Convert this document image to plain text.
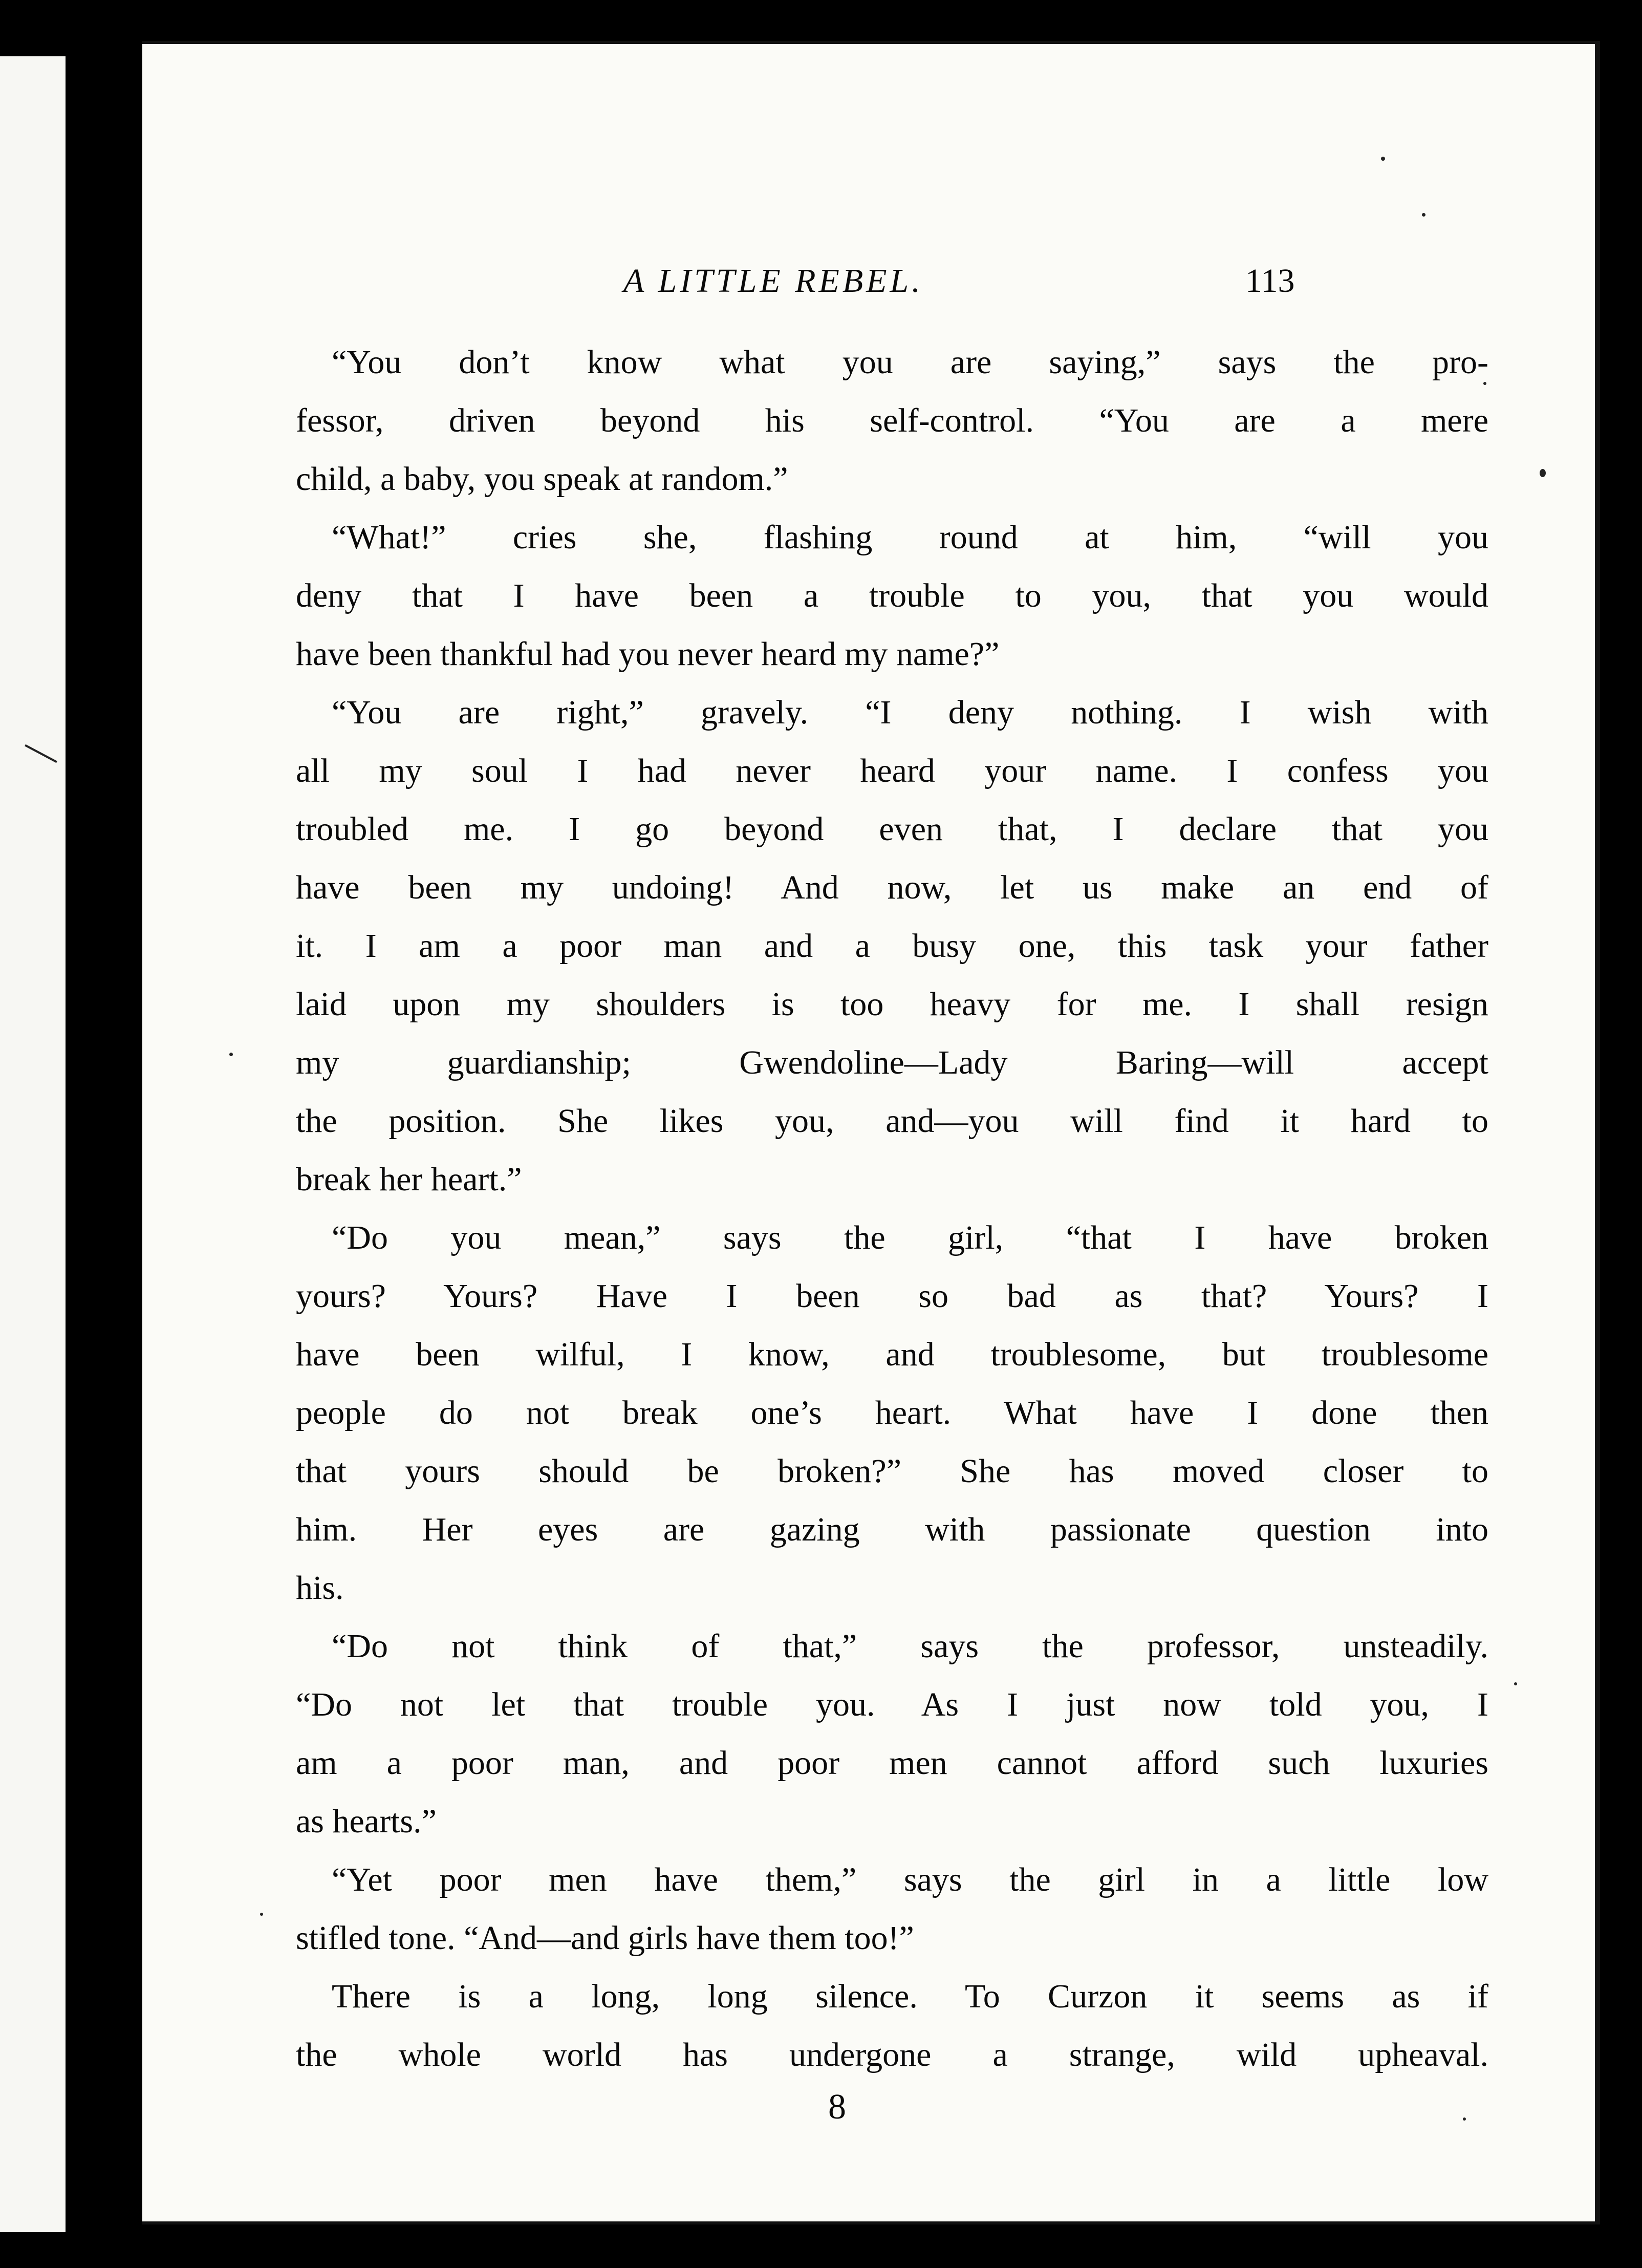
A LITTLE REBEL.	113
“You don’t know what you are saying,” says the pro-
fessor, driven beyond his self-control. “You are a mere
child, a baby, you speak at random.”
“What!” cries she, flashing round at him, “will you
deny that I have been a trouble to you, that you would
have been thankful had you never heard my name?”
“You are right,” gravely. “I deny nothing. I wish with
all my soul I had never heard your name. I confess you
troubled me. I go beyond even that, I declare that you
have been my undoing! And now, let us make an end of
it. I am a poor man and a busy one, this task your father
laid upon my shoulders is too heavy for me. I shall resign
my guardianship; Gwendoline—Lady Baring—will accept
the position. She likes you, and—you will find it hard to
break her heart.”
“Do you mean,” says the girl, “that I have broken
yours? Yours? Have I been so bad as that? Yours? I
have been wilful, I know, and troublesome, but troublesome
people do not break one’s heart. What have I done then
that yours should be broken?” She has moved closer to
him. Her eyes are gazing with passionate question into
his.
“Do not think of that,” says the professor, unsteadily.
“Do not let that trouble you. As I just now told you, I
am a poor man, and poor men cannot afford such luxuries
as hearts.”
“Yet poor men have them,” says the girl in a little low
stifled tone. “And—and girls have them too!”
There is a long, long silence. To Curzon it seems as if
the whole world has undergone a strange, wild upheaval.
8
